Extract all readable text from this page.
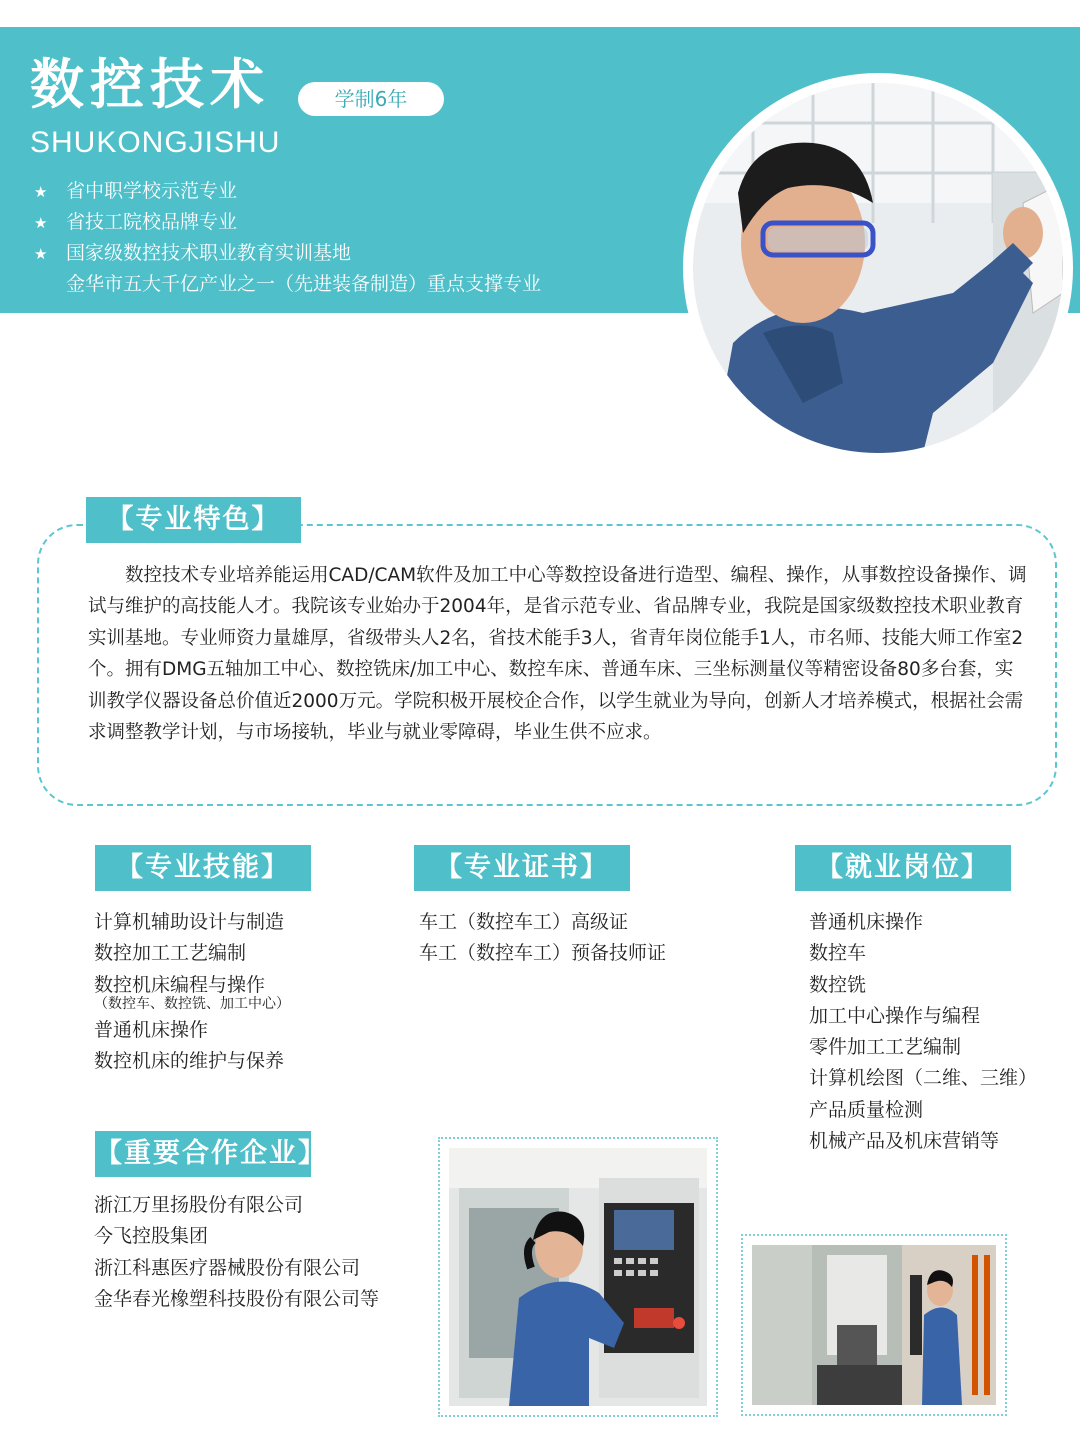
数控技术	学制6年
SHUKONGJISHU
★ 省中职学校示范专业
★ 省技工院校品牌专业
★ 国家级数控技术职业教育实训基地
金华市五大千亿产业之一（先进装备制造）重点支撑专业
【专业特色】

数控技术专业培养能运用CAD/CAM软件及加工中心等数控设备进行造型、编程、操作，从事数控设备操作、调试与维护的高技能人才。我院该专业始办于2004年，是省示范专业、省品牌专业，我院是国家级数控技术职业教育实训基地。专业师资力量雄厚，省级带头人2名，省技术能手3人，省青年岗位能手1人，市名师、技能大师工作室2个。拥有DMG五轴加工中心、数控铣床/加工中心、数控车床、普通车床、三坐标测量仪等精密设备80多台套，实训教学仪器设备总价值近2000万元。学院积极开展校企合作，以学生就业为导向，创新人才培养模式，根据社会需求调整教学计划，与市场接轨，毕业与就业零障碍，毕业生供不应求。

【专业技能】
计算机辅助设计与制造
数控加工工艺编制
数控机床编程与操作
（数控车、数控铣、加工中心）
普通机床操作
数控机床的维护与保养
【专业证书】
车工（数控车工）高级证
车工（数控车工）预备技师证
【就业岗位】
普通机床操作
数控车
数控铣
加工中心操作与编程
零件加工工艺编制
计算机绘图（二维、三维）
产品质量检测
机械产品及机床营销等
【重要合作企业】
浙江万里扬股份有限公司
今飞控股集团
浙江科惠医疗器械股份有限公司
金华春光橡塑科技股份有限公司等
